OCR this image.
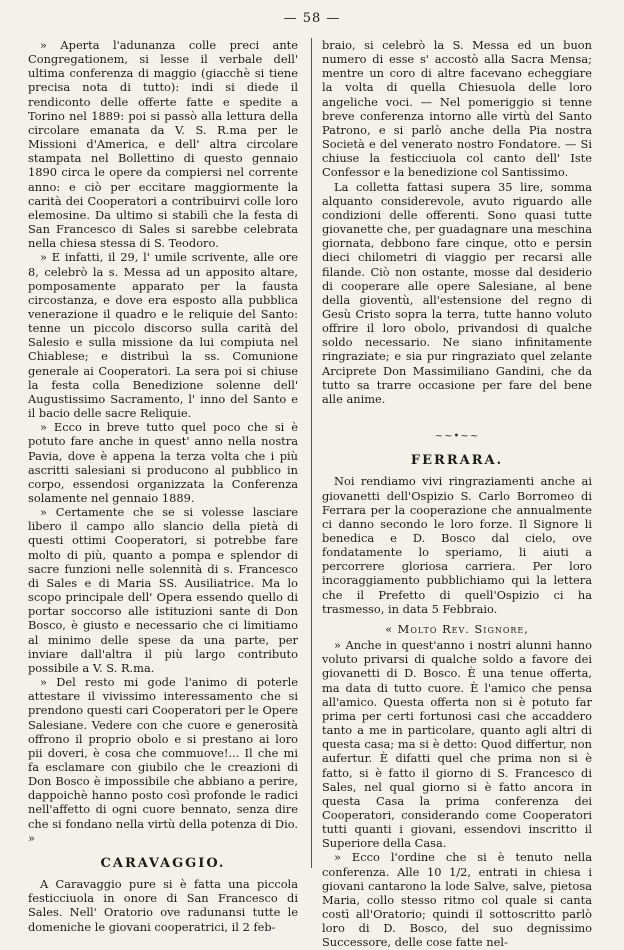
— 58 —

» Aperta l'adunanza colle preci ante Congregationem, si lesse il verbale dell' ultima conferenza di maggio (giacchè si tiene precisa nota di tutto): indi si diede il rendiconto delle offerte fatte e spedite a Torino nel 1889: poi si passò alla lettura della circolare emanata da V. S. R.ma per le Missioni d'America, e dell' altra circolare stampata nel Bollettino di questo gennaio 1890 circa le opere da compiersi nel corrente anno: e ciò per eccitare maggiormente la carità dei Cooperatori a contribuirvi colle loro elemosine. Da ultimo si stabilì che la festa di San Francesco di Sales si sarebbe celebrata nella chiesa stessa di S. Teodoro.

» E infatti, il 29, l' umile scrivente, alle ore 8, celebrò la s. Messa ad un apposito altare, pomposamente apparato per la fausta circostanza, e dove era esposto alla pubblica venerazione il quadro e le reliquie del Santo: tenne un piccolo discorso sulla carità del Salesio e sulla missione da lui compiuta nel Chiablese; e distribuì la ss. Comunione generale ai Cooperatori. La sera poi si chiuse la festa colla Benedizione solenne dell' Augustissimo Sacramento, l' inno del Santo e il bacio delle sacre Reliquie.

» Ecco in breve tutto quel poco che si è potuto fare anche in quest' anno nella nostra Pavia, dove è appena la terza volta che i più ascritti salesiani si producono al pubblico in corpo, essendosi organizzata la Conferenza solamente nel gennaio 1889.

» Certamente che se si volesse lasciare libero il campo allo slancio della pietà di questi ottimi Cooperatori, si potrebbe fare molto di più, quanto a pompa e splendor di sacre funzioni nelle solennità di s. Francesco di Sales e di Maria SS. Ausiliatrice. Ma lo scopo principale dell' Opera essendo quello di portar soccorso alle istituzioni sante di Don Bosco, è giusto e necessario che ci limitiamo al minimo delle spese da una parte, per inviare dall'altra il più largo contributo possibile a V. S. R.ma.

» Del resto mi gode l'animo di poterle attestare il vivissimo interessamento che si prendono questi cari Cooperatori per le Opere Salesiane. Vedere con che cuore e generosità offrono il proprio obolo e si prestano ai loro pii doveri, è cosa che commuove!... Il che mi fa esclamare con giubilo che le creazioni di Don Bosco è impossibile che abbiano a perire, dappoichè hanno posto così profonde le radici nell'affetto di ogni cuore bennato, senza dire che si fondano nella virtù della potenza di Dio. »

CARAVAGGIO.

A Caravaggio pure si è fatta una piccola festicciuola in onore di San Francesco di Sales. Nell' Oratorio ove radunansi tutte le domeniche le giovani cooperatrici, il 2 feb-

braio, si celebrò la S. Messa ed un buon numero di esse s' accostò alla Sacra Mensa; mentre un coro di altre facevano echeggiare la volta di quella Chiesuola delle loro angeliche voci. — Nel pomeriggio si tenne breve conferenza intorno alle virtù del Santo Patrono, e si parlò anche della Pia nostra Società e del venerato nostro Fondatore. — Si chiuse la festicciuola col canto dell' Iste Confessor e la benedizione col Santissimo.

La colletta fattasi supera 35 lire, somma alquanto considerevole, avuto riguardo alle condizioni delle offerenti. Sono quasi tutte giovanette che, per guadagnare una meschina giornata, debbono fare cinque, otto e persin dieci chilometri di viaggio per recarsi alle filande. Ciò non ostante, mosse dal desiderio di cooperare alle opere Salesiane, al bene della gioventù, all'estensione del regno di Gesù Cristo sopra la terra, tutte hanno voluto offrire il loro obolo, privandosi di qualche soldo necessario. Ne siano infinitamente ringraziate; e sia pur ringraziato quel zelante Arciprete Don Massimiliano Gandini, che da tutto sa trarre occasione per fare del bene alle anime.

~~•~~
FERRARA.

Noi rendiamo vivi ringraziamenti anche ai giovanetti dell'Ospizio S. Carlo Borromeo di Ferrara per la cooperazione che annualmente ci danno secondo le loro forze. Il Signore li benedica e D. Bosco dal cielo, ove fondatamente lo speriamo, li aiuti a percorrere gloriosa carriera. Per loro incoraggiamento pubblichiamo qui la lettera che il Prefetto di quell'Ospizio ci ha trasmesso, in data 5 Febbraio.

« Molto Rev. Signore,

» Anche in quest'anno i nostri alunni hanno voluto privarsi di qualche soldo a favore dei giovanetti di D. Bosco. È una tenue offerta, ma data di tutto cuore. È l'amico che pensa all'amico. Questa offerta non si è potuto far prima per certi fortunosi casi che accaddero tanto a me in particolare, quanto agli altri di questa casa; ma si è detto: Quod differtur, non aufertur. È difatti quel che prima non si è fatto, si è fatto il giorno di S. Francesco di Sales, nel qual giorno si è fatto ancora in questa Casa la prima conferenza dei Cooperatori, considerando come Cooperatori tutti quanti i giovani, essendovi inscritto il Superiore della Casa.

» Ecco l'ordine che si è tenuto nella conferenza. Alle 10 1/2, entrati in chiesa i giovani cantarono la lode Salve, salve, pietosa Maria, collo stesso ritmo col quale si canta costì all'Oratorio; quindi il sottoscritto parlò loro di D. Bosco, del suo degnissimo Successore, delle cose fatte nel-
